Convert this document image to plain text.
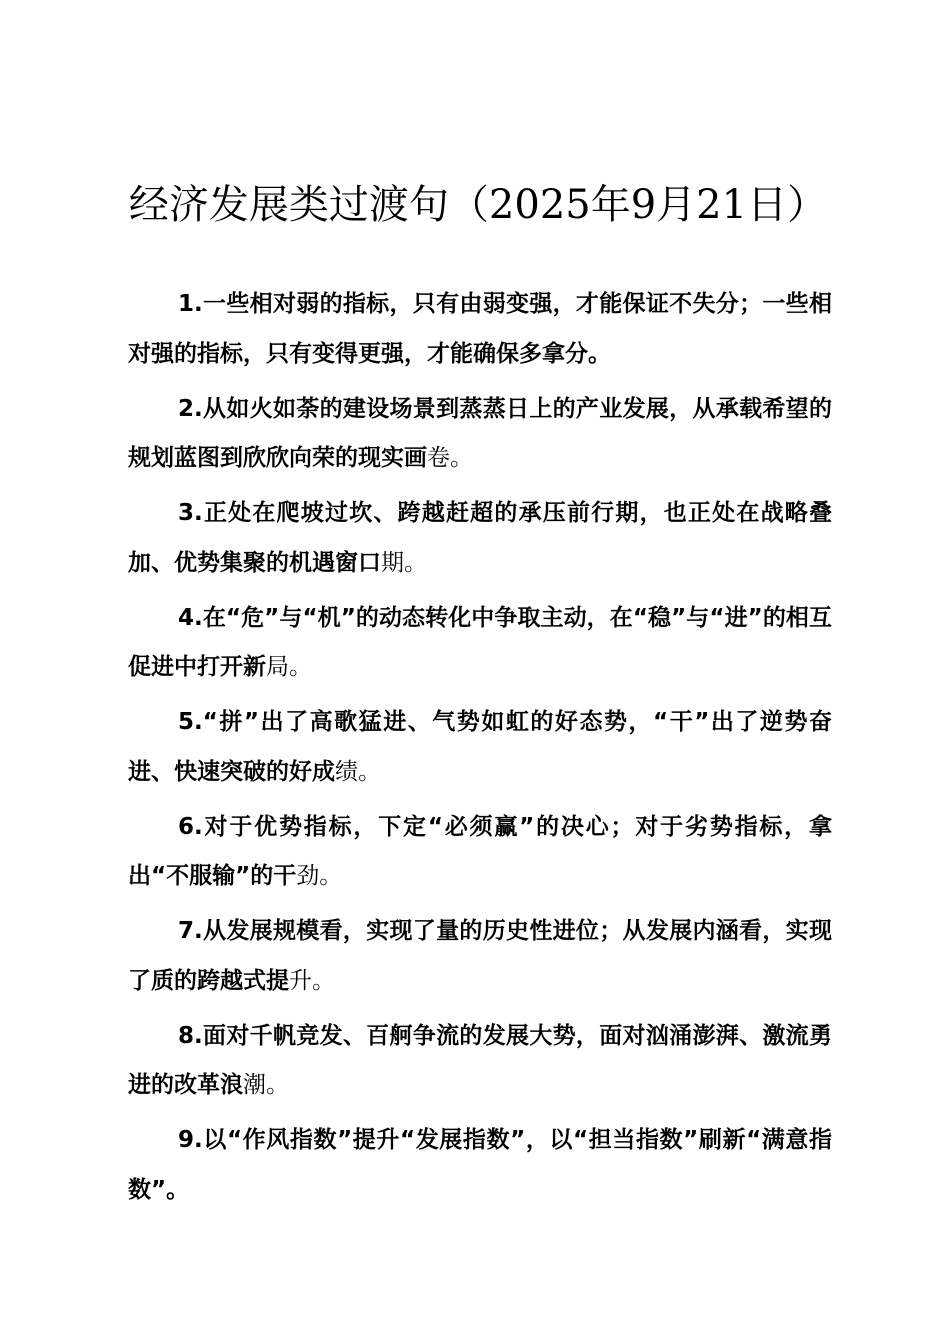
经济发展类过渡句（2025年9月21日）
1.一些相对弱的指标，只有由弱变强，才能保证不失分；一些相对强的指标，只有变得更强，才能确保多拿分。
2.从如火如荼的建设场景到蒸蒸日上的产业发展，从承载希望的规划蓝图到欣欣向荣的现实画卷。
3.正处在爬坡过坎、跨越赶超的承压前行期，也正处在战略叠加、优势集聚的机遇窗口期。
4.在“危”与“机”的动态转化中争取主动，在“稳”与“进”的相互促进中打开新局。
5.“拼”出了高歌猛进、气势如虹的好态势，“干”出了逆势奋进、快速突破的好成绩。
6.对于优势指标，下定“必须赢”的决心；对于劣势指标，拿出“不服输”的干劲。
7.从发展规模看，实现了量的历史性进位；从发展内涵看，实现了质的跨越式提升。
8.面对千帆竞发、百舸争流的发展大势，面对汹涌澎湃、激流勇进的改革浪潮。
9.以“作风指数”提升“发展指数”，以“担当指数”刷新“满意指数”。
